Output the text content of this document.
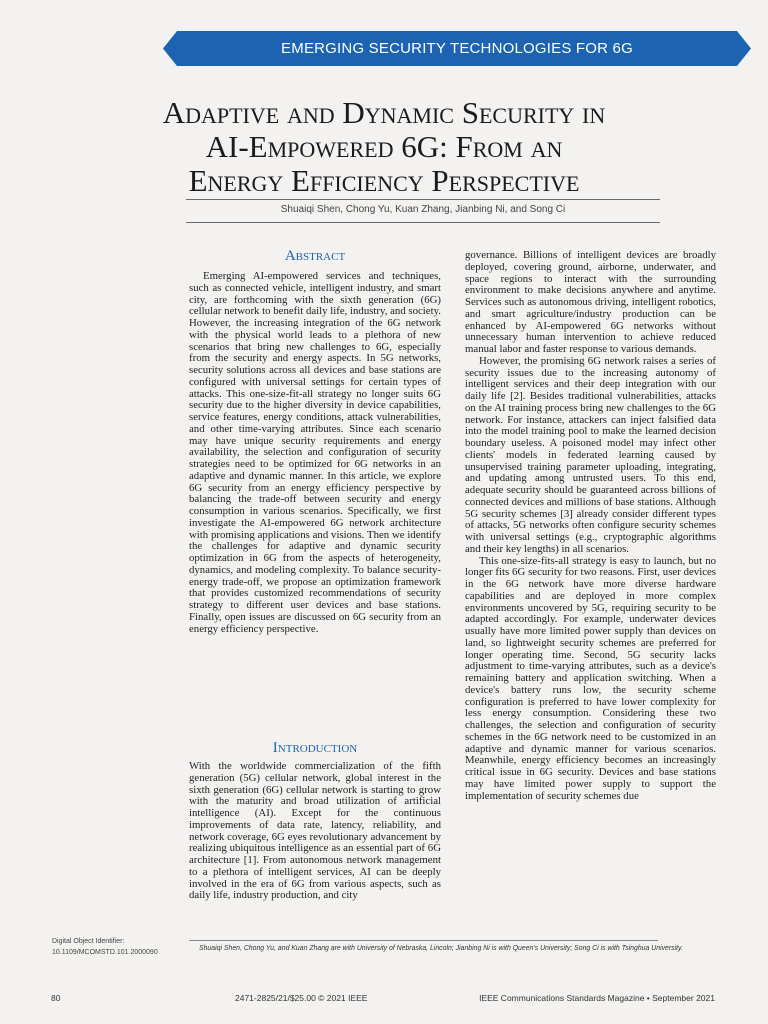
EMERGING SECURITY TECHNOLOGIES FOR 6G
Adaptive and Dynamic Security in
AI-Empowered 6G: From an
Energy Efficiency Perspective
Shuaiqi Shen, Chong Yu, Kuan Zhang, Jianbing Ni, and Song Ci
Abstract

Emerging AI-empowered services and techniques, such as connected vehicle, intelligent industry, and smart city, are forthcoming with the sixth generation (6G) cellular network to benefit daily life, industry, and society. However, the increasing integration of the 6G network with the physical world leads to a plethora of new scenarios that bring new challenges to 6G, especially from the security and energy aspects. In 5G networks, security solutions across all devices and base stations are configured with universal settings for certain types of attacks. This one-size-fit-all strategy no longer suits 6G security due to the higher diversity in device capabilities, service features, energy conditions, attack vulnerabilities, and other time-varying attributes. Since each scenario may have unique security requirements and energy availability, the selection and configuration of security strategies need to be optimized for 6G networks in an adaptive and dynamic manner. In this article, we explore 6G security from an energy efficiency perspective by balancing the trade-off between security and energy consumption in various scenarios. Specifically, we first investigate the AI-empowered 6G network architecture with promising applications and visions. Then we identify the challenges for adaptive and dynamic security optimization in 6G from the aspects of heterogeneity, dynamics, and modeling complexity. To balance security-energy trade-off, we propose an optimization framework that provides customized recommendations of security strategy to different user devices and base stations. Finally, open issues are discussed on 6G security from an energy efficiency perspective.

Introduction

With the worldwide commercialization of the fifth generation (5G) cellular network, global interest in the sixth generation (6G) cellular network is starting to grow with the maturity and broad utilization of artificial intelligence (AI). Except for the continuous improvements of data rate, latency, reliability, and network coverage, 6G eyes revolutionary advancement by realizing ubiquitous intelligence as an essential part of 6G architecture [1]. From autonomous network management to a plethora of intelligent services, AI can be deeply involved in the era of 6G from various aspects, such as daily life, industry production, and city

governance. Billions of intelligent devices are broadly deployed, covering ground, airborne, underwater, and space regions to interact with the surrounding environment to make decisions anywhere and anytime. Services such as autonomous driving, intelligent robotics, and smart agriculture/industry production can be enhanced by AI-empowered 6G networks without unnecessary human intervention to achieve reduced manual labor and faster response to various demands.

However, the promising 6G network raises a series of security issues due to the increasing autonomy of intelligent services and their deep integration with our daily life [2]. Besides traditional vulnerabilities, attacks on the AI training process bring new challenges to the 6G network. For instance, attackers can inject falsified data into the model training pool to make the learned decision boundary useless. A poisoned model may infect other clients' models in federated learning caused by unsupervised training parameter uploading, integrating, and updating among untrusted users. To this end, adequate security should be guaranteed across billions of connected devices and millions of base stations. Although 5G security schemes [3] already consider different types of attacks, 5G networks often configure security schemes with universal settings (e.g., cryptographic algorithms and their key lengths) in all scenarios.

This one-size-fits-all strategy is easy to launch, but no longer fits 6G security for two reasons. First, user devices in the 6G network have more diverse hardware capabilities and are deployed in more complex environments uncovered by 5G, requiring security to be adapted accordingly. For example, underwater devices usually have more limited power supply than devices on land, so lightweight security schemes are preferred for longer operating time. Second, 5G security lacks adjustment to time-varying attributes, such as a device's remaining battery and application switching. When a device's battery runs low, the security scheme configuration is preferred to have lower complexity for less energy consumption. Considering these two challenges, the selection and configuration of security schemes in the 6G network need to be customized in an adaptive and dynamic manner for various scenarios. Meanwhile, energy efficiency becomes an increasingly critical issue in 6G security. Devices and base stations may have limited power supply to support the implementation of security schemes due

Digital Object Identifier:
10.1109/MCOMSTD.101.2000090
Shuaiqi Shen, Chong Yu, and Kuan Zhang are with University of Nebraska, Lincoln; Jianbing Ni is with Queen's University; Song Ci is with Tsinghua University.
80	2471-2825/21/$25.00 © 2021 IEEE	IEEE Communications Standards Magazine • September 2021
